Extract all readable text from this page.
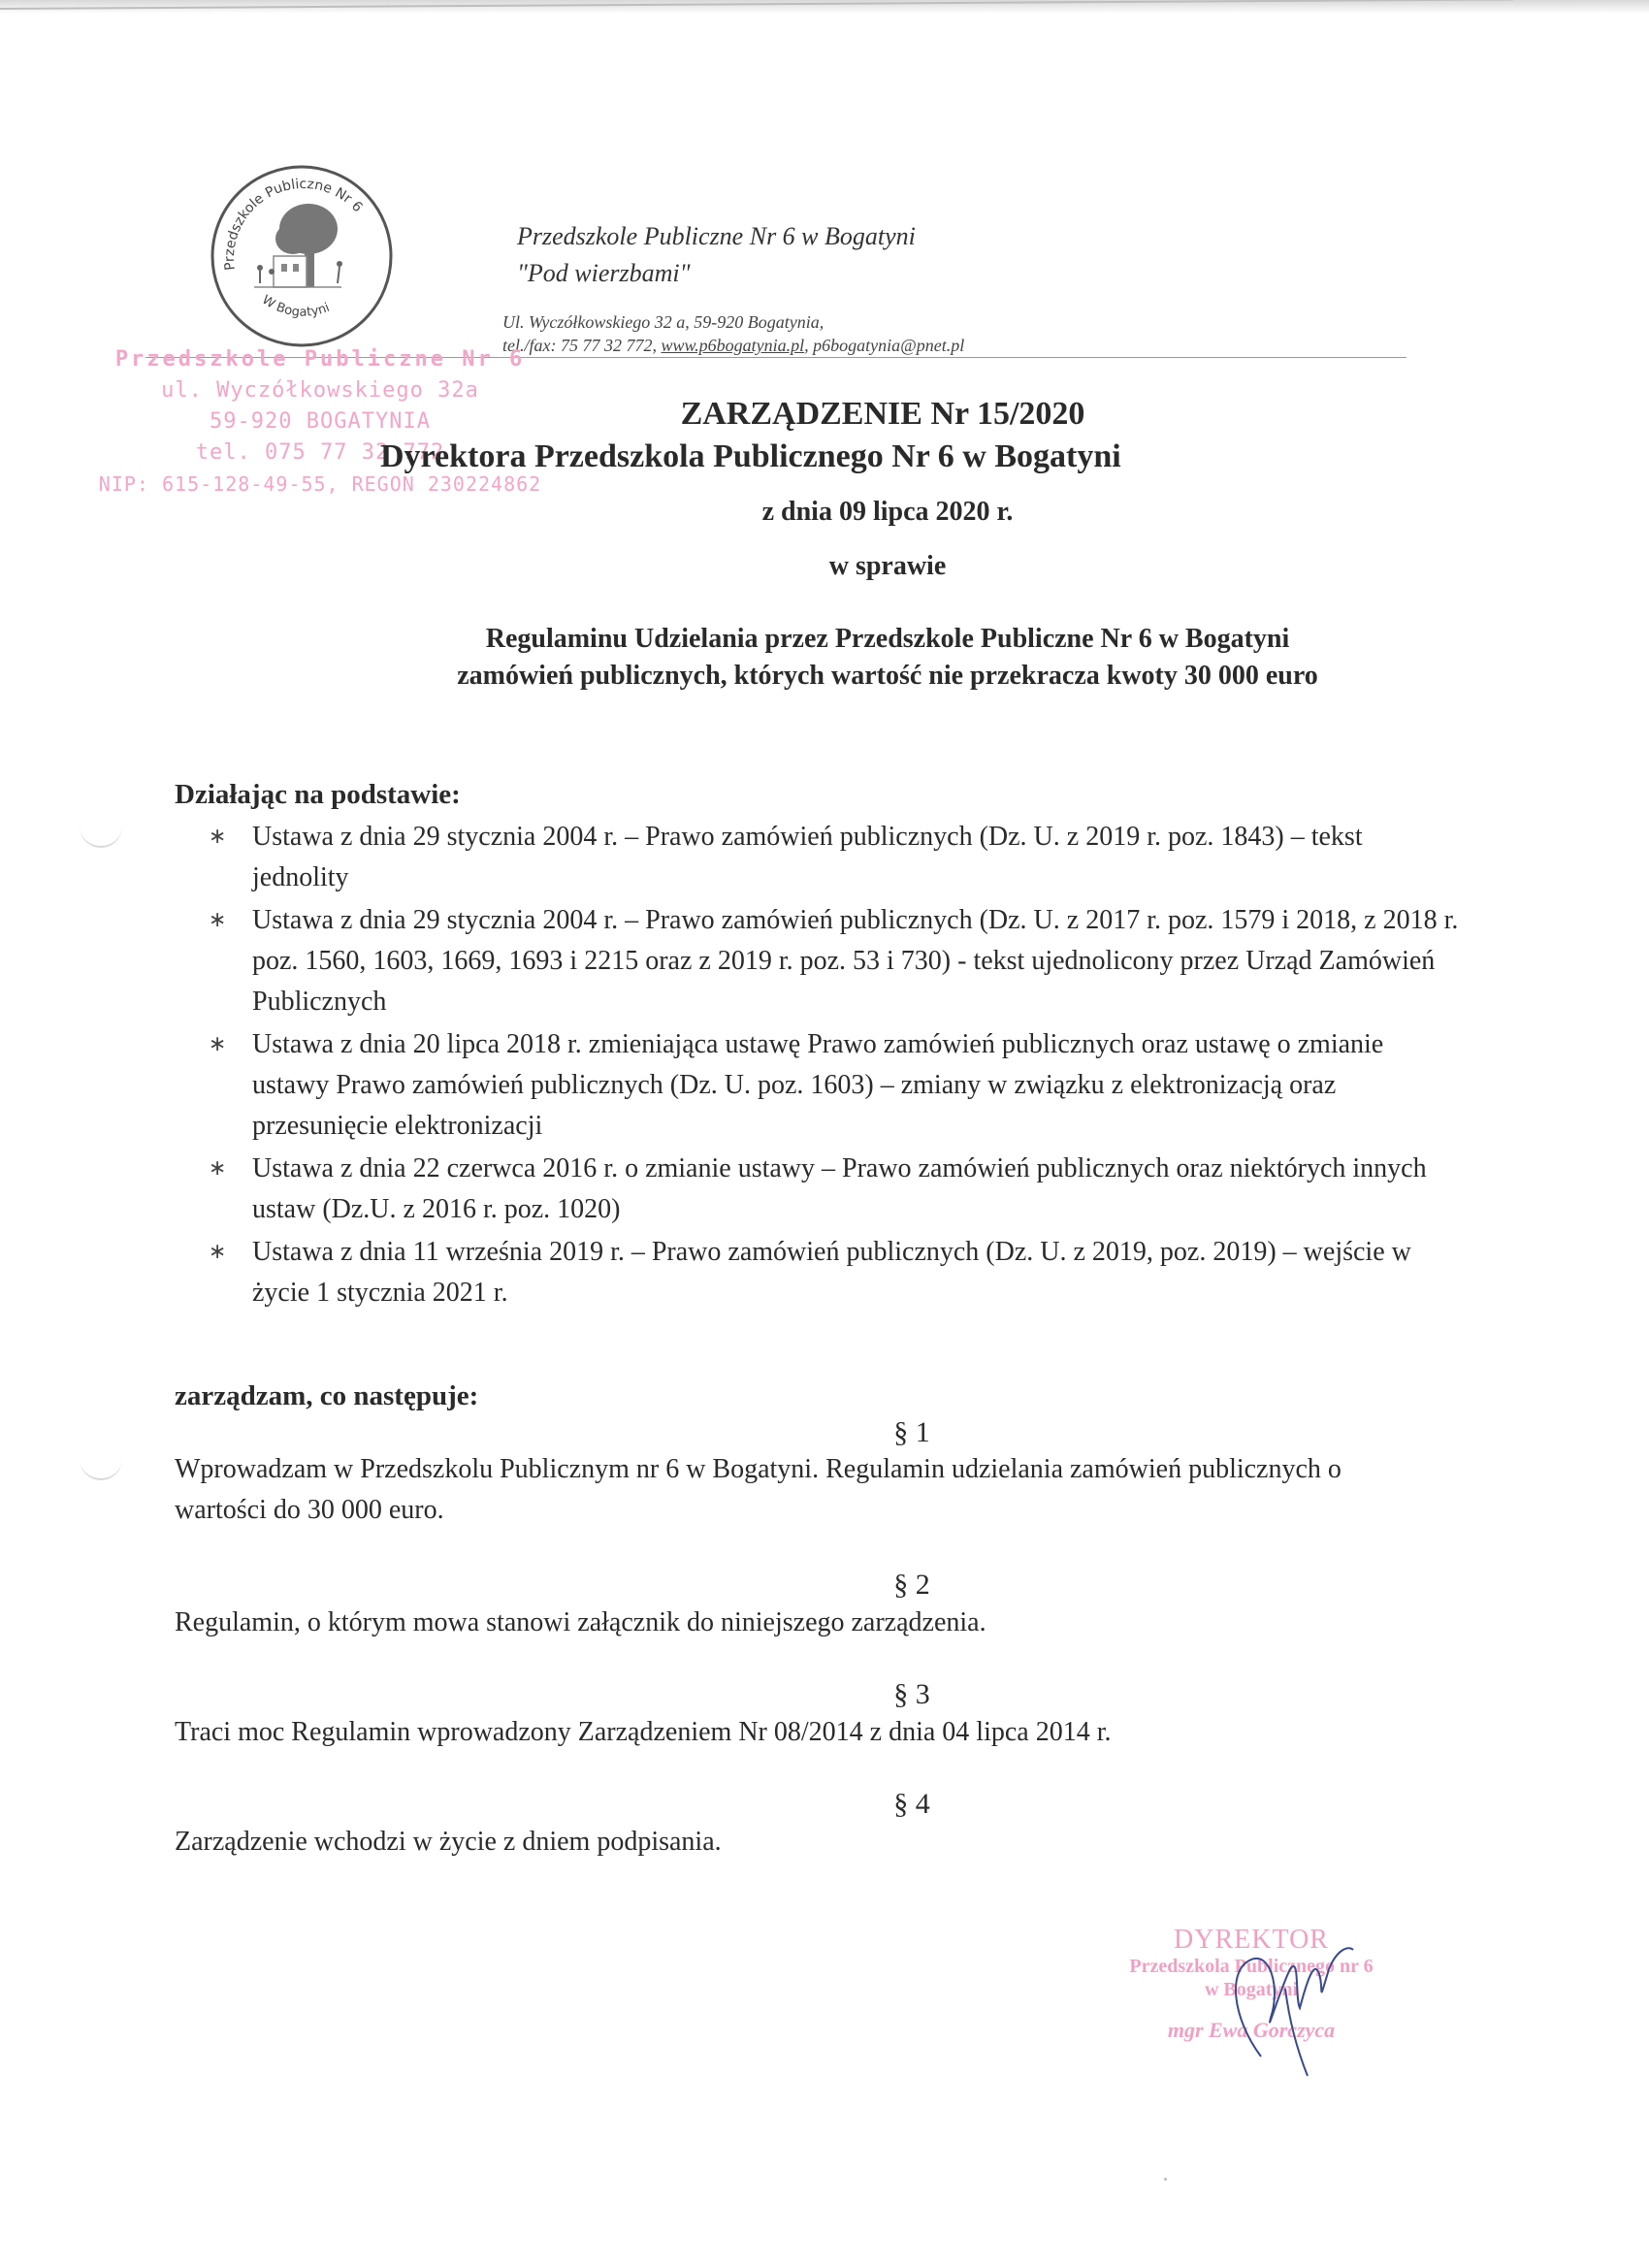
Przedszkole Publiczne Nr 6
W Bogatyni
Przedszkole Publiczne Nr 6 w Bogatyni
"Pod wierzbami"
Ul. Wyczółkowskiego 32 a, 59-920 Bogatynia,
tel./fax: 75 77 32 772, www.p6bogatynia.pl, p6bogatynia@pnet.pl
Przedszkole Publiczne Nr 6
ul. Wyczółkowskiego 32a
59-920 BOGATYNIA
tel. 075 77 32 772
NIP: 615-128-49-55, REGON 230224862
ZARZĄDZENIE Nr 15/2020
Dyrektora Przedszkola Publicznego Nr 6 w Bogatyni
z dnia 09 lipca 2020 r.
w sprawie
Regulaminu Udzielania przez Przedszkole Publiczne Nr 6 w Bogatyni
zamówień publicznych, których wartość nie przekracza kwoty 30 000 euro
Działając na podstawie:
∗ Ustawa z dnia 29 stycznia 2004 r. – Prawo zamówień publicznych (Dz. U. z 2019 r. poz. 1843) – tekst jednolity
∗ Ustawa z dnia 29 stycznia 2004 r. – Prawo zamówień publicznych (Dz. U. z 2017 r. poz. 1579 i 2018, z 2018 r. poz. 1560, 1603, 1669, 1693 i 2215 oraz z 2019 r. poz. 53 i 730) - tekst ujednolicony przez Urząd Zamówień Publicznych
∗ Ustawa z dnia 20 lipca 2018 r. zmieniająca ustawę Prawo zamówień publicznych oraz ustawę o zmianie ustawy Prawo zamówień publicznych (Dz. U. poz. 1603) – zmiany w związku z elektronizacją oraz przesunięcie elektronizacji
∗ Ustawa z dnia 22 czerwca 2016 r. o zmianie ustawy – Prawo zamówień publicznych oraz niektórych innych ustaw (Dz.U. z 2016 r. poz. 1020)
∗ Ustawa z dnia 11 września 2019 r. – Prawo zamówień publicznych (Dz. U. z 2019, poz. 2019) – wejście w życie 1 stycznia 2021 r.
zarządzam, co następuje:
§ 1
Wprowadzam w Przedszkolu Publicznym nr 6 w Bogatyni. Regulamin udzielania zamówień publicznych o wartości do 30 000 euro.
§ 2
Regulamin, o którym mowa stanowi załącznik do niniejszego zarządzenia.
§ 3
Traci moc Regulamin wprowadzony Zarządzeniem Nr 08/2014 z dnia 04 lipca 2014 r.
§ 4
Zarządzenie wchodzi w życie z dniem podpisania.
DYREKTOR
Przedszkola Publicznego nr 6
w Bogatyni
mgr Ewa Gorczyca
